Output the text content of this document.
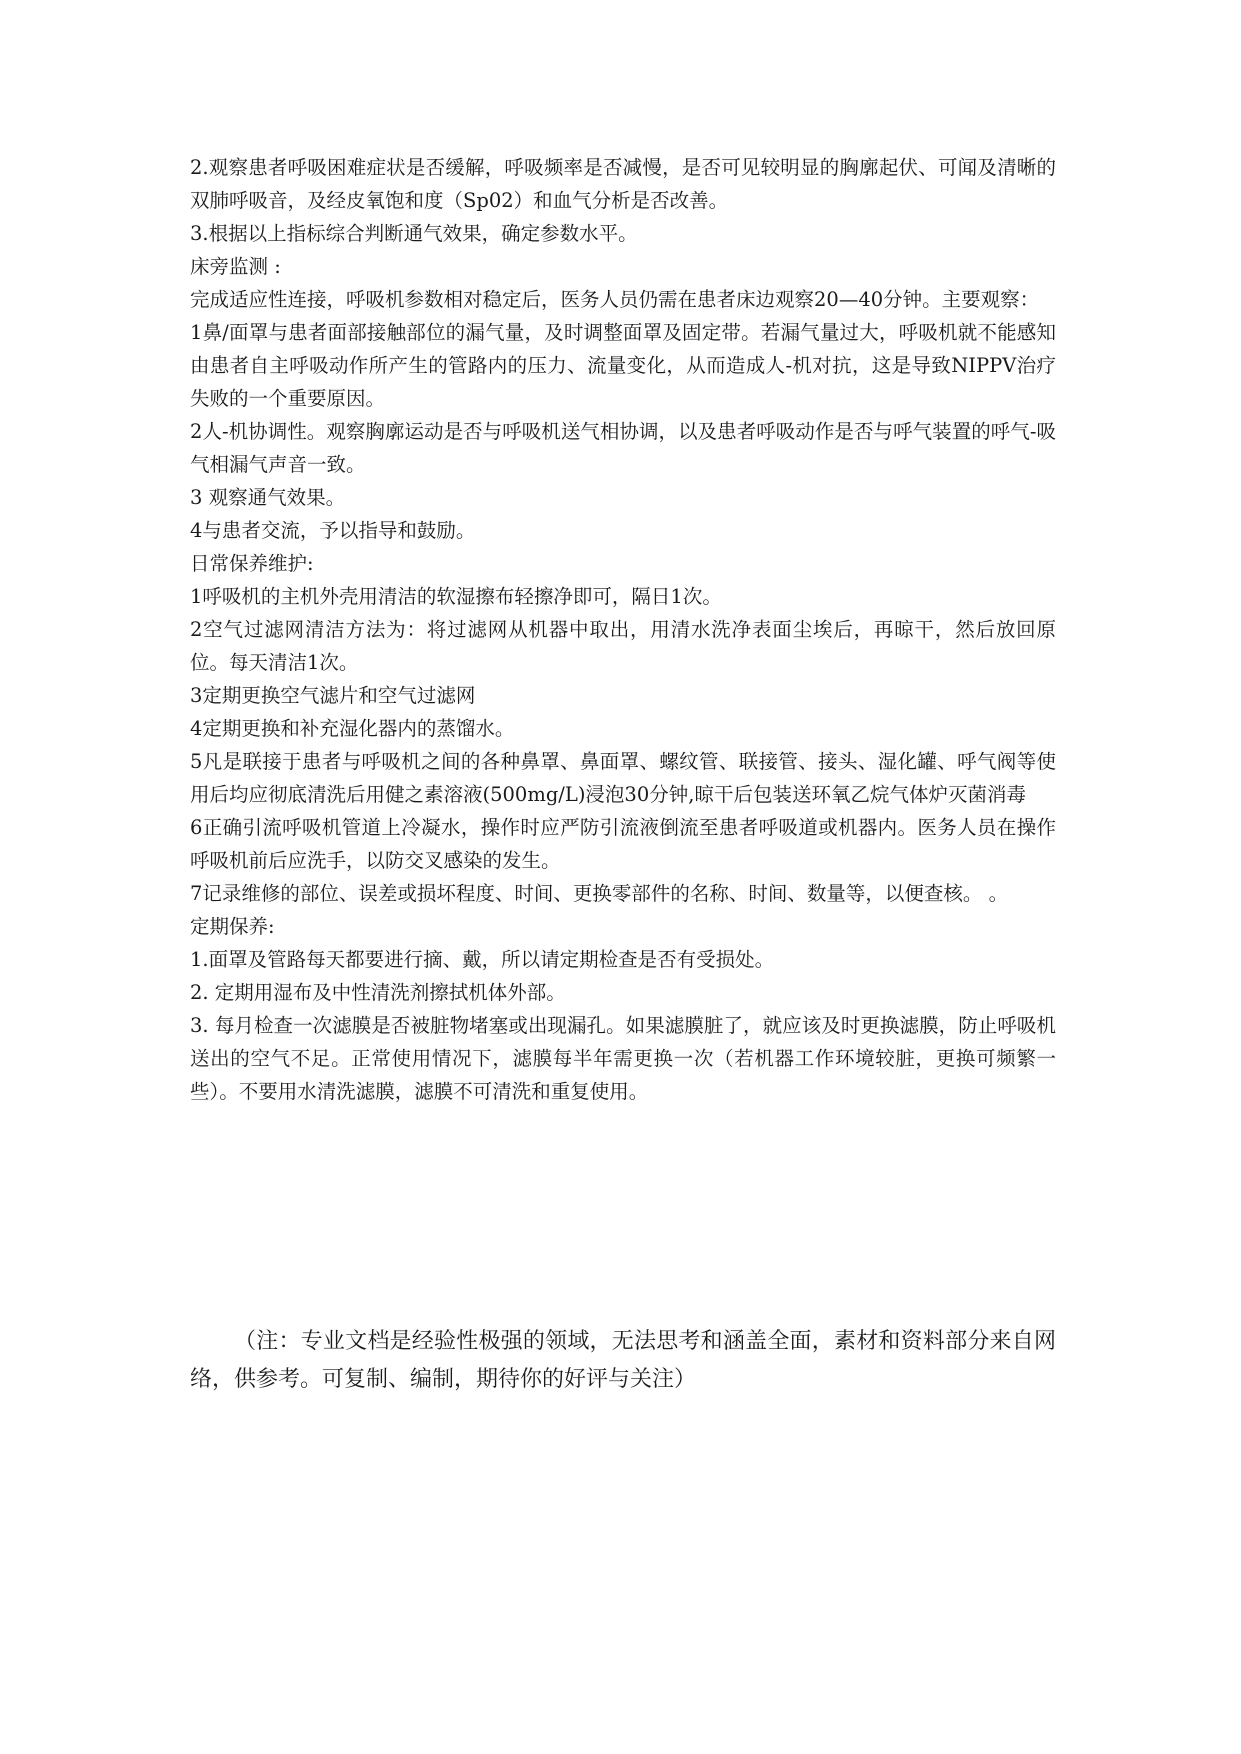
2.观察患者呼吸困难症状是否缓解，呼吸频率是否减慢，是否可见较明显的胸廓起伏、可闻及清晰的双肺呼吸音，及经皮氧饱和度（Sp02）和血气分析是否改善。

3.根据以上指标综合判断通气效果，确定参数水平。

床旁监测 :

完成适应性连接，呼吸机参数相对稳定后，医务人员仍需在患者床边观察20—40分钟。主要观察：

1鼻/面罩与患者面部接触部位的漏气量，及时调整面罩及固定带。若漏气量过大，呼吸机就不能感知由患者自主呼吸动作所产生的管路内的压力、流量变化，从而造成人-机对抗，这是导致NIPPV治疗失败的一个重要原因。

2人-机协调性。观察胸廓运动是否与呼吸机送气相协调，以及患者呼吸动作是否与呼气装置的呼气-吸气相漏气声音一致。

3 观察通气效果。

4与患者交流，予以指导和鼓励。

日常保养维护:

1呼吸机的主机外壳用清洁的软湿擦布轻擦净即可，隔日1次。

2空气过滤网清洁方法为：将过滤网从机器中取出，用清水洗净表面尘埃后，再晾干，然后放回原位。每天清洁1次。

3定期更换空气滤片和空气过滤网

4定期更换和补充湿化器内的蒸馏水。

5凡是联接于患者与呼吸机之间的各种鼻罩、鼻面罩、螺纹管、联接管、接头、湿化罐、呼气阀等使用后均应彻底清洗后用健之素溶液(500mg/L)浸泡30分钟,晾干后包装送环氧乙烷气体炉灭菌消毒

6正确引流呼吸机管道上冷凝水，操作时应严防引流液倒流至患者呼吸道或机器内。医务人员在操作呼吸机前后应洗手，以防交叉感染的发生。

7记录维修的部位、误差或损坏程度、时间、更换零部件的名称、时间、数量等，以便查核。 。

定期保养:

1.面罩及管路每天都要进行摘、戴，所以请定期检查是否有受损处。

2. 定期用湿布及中性清洗剂擦拭机体外部。

3. 每月检查一次滤膜是否被脏物堵塞或出现漏孔。如果滤膜脏了，就应该及时更换滤膜，防止呼吸机送出的空气不足。正常使用情况下，滤膜每半年需更换一次（若机器工作环境较脏，更换可频繁一些）。不要用水清洗滤膜，滤膜不可清洗和重复使用。

（注：专业文档是经验性极强的领域，无法思考和涵盖全面，素材和资料部分来自网络，供参考。可复制、编制，期待你的好评与关注）
